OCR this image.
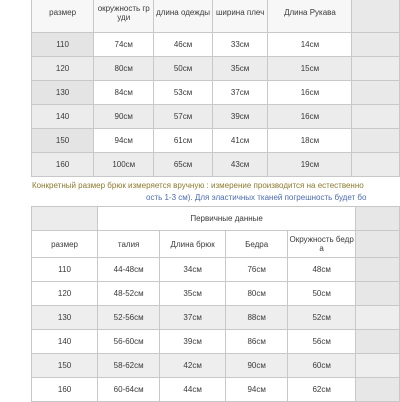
размер	окружность гр уди	длина одежды	ширина плеч	Длина Рукава	
110	74см	46см	33см	14см	
120	80см	50см	35см	15см	
130	84см	53см	37см	16см	
140	90см	57см	39см	16см	
150	94см	61см	41см	18см	
160	100см	65см	43см	19см	
Конкретный размер брюк измеряется вручную : измерение производится на естественно
ость 1-3 см). Для эластичных тканей погрешность будет бо
	Первичные данные				
размер	талия	Длина брюк	Бедра	Окружность бедр а	
110	44-48см	34см	76см	48см	
120	48-52см	35см	80см	50см	
130	52-56см	37см	88см	52см	
140	56-60см	39см	86см	56см	
150	58-62см	42см	90см	60см	
160	60-64см	44см	94см	62см	
